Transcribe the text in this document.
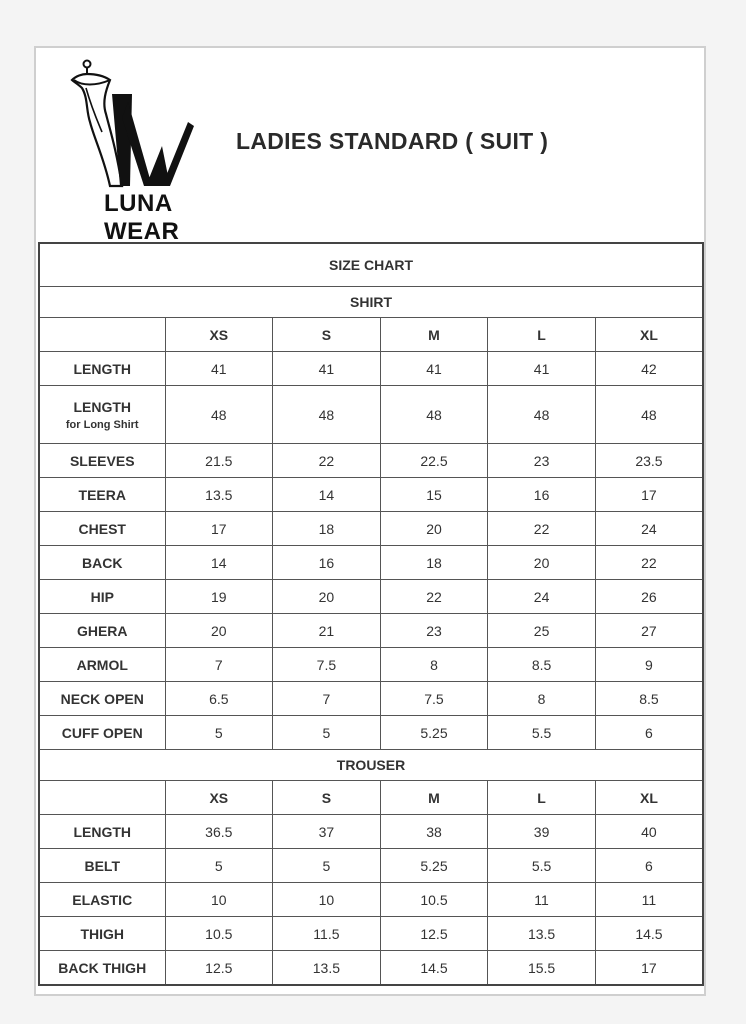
LUNA WEAR
LADIES STANDARD ( SUIT )
SIZE CHART					
SHIRT					
	XS	S	M	L	XL
LENGTH	41	41	41	41	42
LENGTH
for Long Shirt	48	48	48	48	48
SLEEVES	21.5	22	22.5	23	23.5
TEERA	13.5	14	15	16	17
CHEST	17	18	20	22	24
BACK	14	16	18	20	22
HIP	19	20	22	24	26
GHERA	20	21	23	25	27
ARMOL	7	7.5	8	8.5	9
NECK OPEN	6.5	7	7.5	8	8.5
CUFF OPEN	5	5	5.25	5.5	6
TROUSER					
	XS	S	M	L	XL
LENGTH	36.5	37	38	39	40
BELT	5	5	5.25	5.5	6
ELASTIC	10	10	10.5	11	11
THIGH	10.5	11.5	12.5	13.5	14.5
BACK THIGH	12.5	13.5	14.5	15.5	17
